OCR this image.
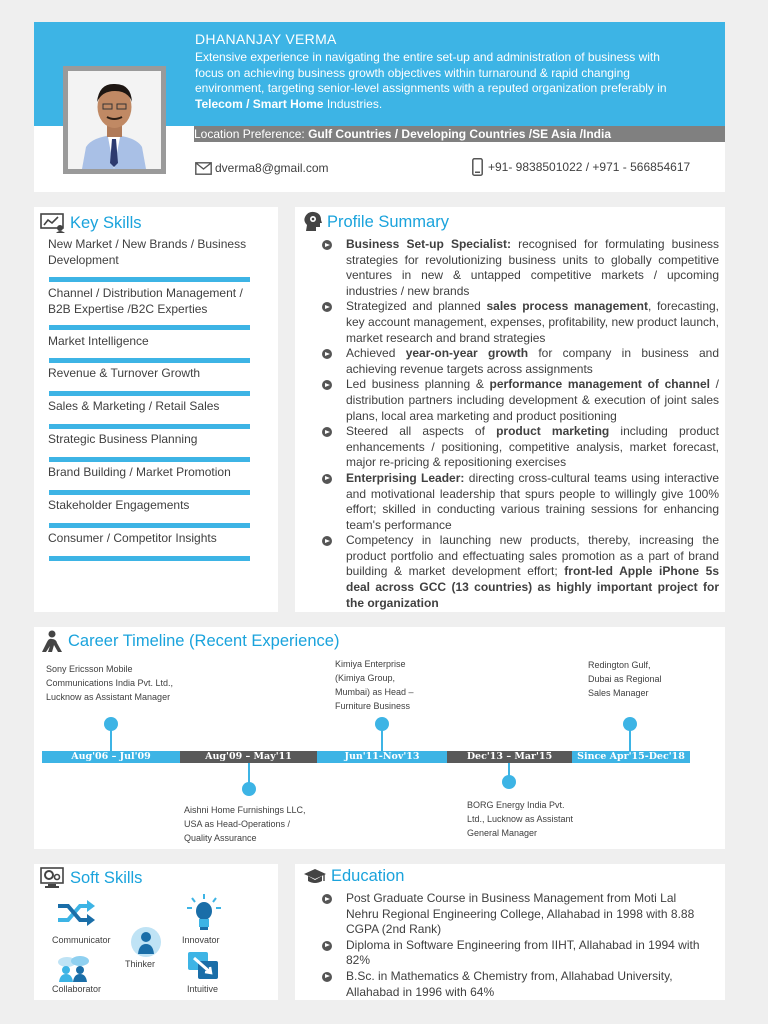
DHANANJAY VERMA
Extensive experience in navigating the entire set-up and administration of business with
focus on achieving business growth objectives within turnaround & rapid changing
environment, targeting senior-level assignments with a reputed organization preferably in
Telecom / Smart Home Industries.
Location Preference: Gulf Countries / Developing Countries /SE Asia /India
dverma8@gmail.com	+91- 9838501022 / +971 - 566854617
Key Skills
New Market / New Brands / Business Development
Channel / Distribution Management / B2B Expertise /B2C Experties
Market Intelligence
Revenue & Turnover Growth
Sales & Marketing / Retail Sales
Strategic Business Planning
Brand Building / Market Promotion
Stakeholder Engagements
Consumer / Competitor Insights
Profile Summary
Business Set-up Specialist: recognised for formulating business strategies for revolutionizing business units to globally competitive ventures in new & untapped competitive markets / upcoming industries / new brands
Strategized and planned sales process management, forecasting, key account management, expenses, profitability, new product launch, market research and brand strategies
Achieved year-on-year growth for company in business and achieving revenue targets across assignments
Led business planning & performance management of channel / distribution partners including development & execution of joint sales plans, local area marketing and product positioning
Steered all aspects of product marketing including product enhancements / positioning, competitive analysis, market forecast, major re-pricing & repositioning exercises
Enterprising Leader: directing cross-cultural teams using interactive and motivational leadership that spurs people to willingly give 100% effort; skilled in conducting various training sessions for enhancing team's performance
Competency in launching new products, thereby, increasing the product portfolio and effectuating sales promotion as a part of brand building & market development effort; front-led Apple iPhone 5s deal across GCC (13 countries) as highly important project for the organization
Career Timeline (Recent Experience)
Sony Ericsson Mobile
Communications India Pvt. Ltd.,
Lucknow as Assistant Manager
Kimiya Enterprise
(Kimiya Group,
Mumbai) as Head –
Furniture Business
Redington Gulf,
Dubai as Regional
Sales Manager
Aug'06 – Jul'09	Aug'09 – May'11	Jun'11-Nov'13	Dec'13 – Mar'15	Since Apr'15-Dec'18
Aishni Home Furnishings LLC,
USA as Head-Operations /
Quality Assurance
BORG Energy India Pvt.
Ltd., Lucknow as Assistant
General Manager
Soft Skills
Communicator	Innovator
Thinker
Collaborator	Intuitive
Education
Post Graduate Course in Business Management from Moti Lal Nehru Regional Engineering College, Allahabad in 1998 with 8.88 CGPA (2nd Rank)
Diploma in Software Engineering from IIHT, Allahabad in 1994 with 82%
B.Sc. in Mathematics & Chemistry from, Allahabad University, Allahabad in 1996 with 64%
